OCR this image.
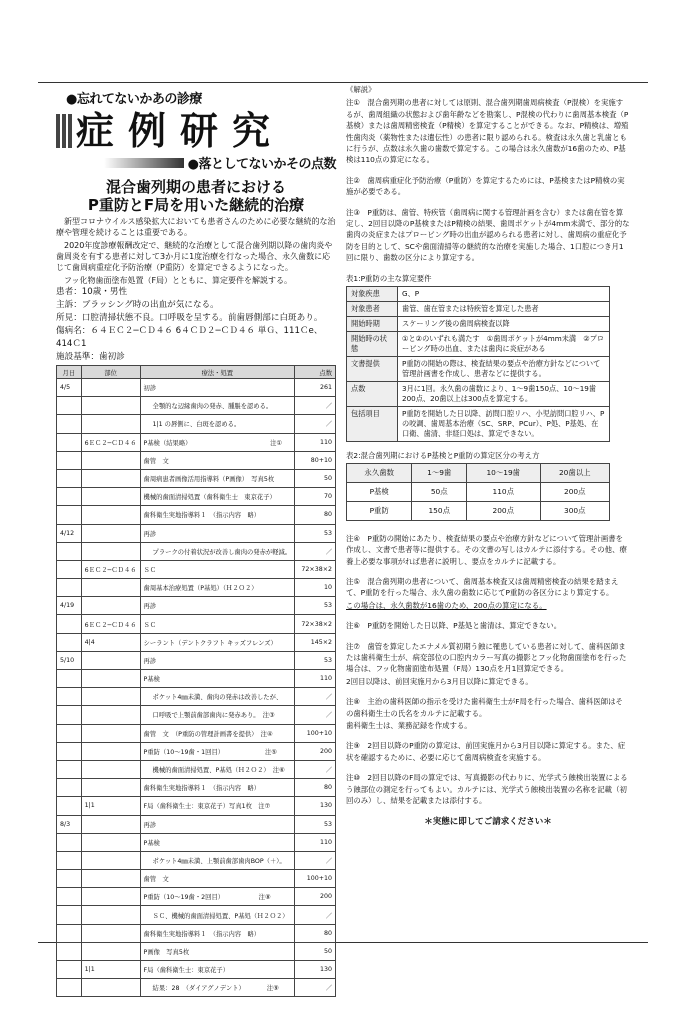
●忘れてないかあの診療
症例研究
●落としてないかその点数
混合歯列期の患者における
P重防とF局を用いた継続的治療

新型コロナウイルス感染拡大においても患者さんのために必要な継続的な治療や管理を続けることは重要である。

2020年度診療報酬改定で、継続的な治療として混合歯列期以降の歯肉炎や歯周炎を有する患者に対して3か月に1度治療を行なった場合、永久歯数に応じて歯周病重症化予防治療（P重防）を算定できるようになった。

フッ化物歯面塗布処置（F局）とともに、算定要件を解説する。

患者：10歳・男性

主訴：ブラッシング時の出血が気になる。

所見：口腔清掃状態不良。口呼吸を呈する。前歯唇側部に白斑あり。

傷病名：６４ＥＣ２─ＣＤ４６ 6４ＣＤ２─ＣＤ４６ 単Ｇ、111Ｃe、414Ｃ1

施設基準：歯初診

月日	部位	療法・処置	点数
4/5		初診	261
		全顎的な辺縁歯肉の発赤、腫脹を認める。	／
		1|1 の唇側に、白斑を認める。	／
	6ＥＣ２─ＣＤ４６	P基検（結果略）　　　　　　　　　　　　　注①	110
		歯管　文	80+10
		歯周病患者画像活用指導料（P画像）　写真5枚	50
		機械的歯面清掃処置（歯科衛生士　東京花子）	70
		歯科衛生実地指導料１　（指示内容　略）	80
4/12		再診	53
		プラークの付着状況が改善し歯肉の発赤が軽減。	／
	6ＥＣ２─ＣＤ４６	ＳＣ	72×38×2
		歯周基本治療処置（P基処）（Ｈ２Ｏ２）	10
4/19		再診	53
	6ＥＣ２─ＣＤ４６	ＳＣ	72×38×2
	4|4	シーラント（デントクラフト キッズフレンズ）	145×2
5/10		再診	53
		P基検	110
		ポケット4㎜未満、歯肉の発赤は改善したが、	／
		口呼吸で上顎前歯部歯肉に発赤あり。　注③	／
		歯管　文　（P重防の管理計画書を提供）　注④	100+10
		P重防（10～19歯・1回目）　　　　　　　注⑤	200
		機械的歯面清掃処置、P基処（Ｈ２Ｏ２）　注⑥	／
		歯科衛生実地指導料１　（指示内容　略）	80
	1|1	F局（歯科衛生士：東京花子）写真1枚　注⑦	130
8/3		再診	53
		P基検	110
		ポケット4㎜未満、上顎前歯部歯肉BOP（＋）。	／
		歯管　文	100+10
		P重防（10～19歯・2回目）　　　　　　注⑧	200
		ＳＣ、機械的歯面清掃処置、P基処（Ｈ２Ｏ２）	／
		歯科衛生実地指導料１　（指示内容　略）	80
		P画像　写真5枚	50
	1|1	F局（歯科衛生士：東京花子）	130
		結果：28　（ダイアグノデント）　　　　注⑨	／

《解説》

注①　混合歯列期の患者に対しては原則、混合歯列期歯周病検査（P混検）を実施するが、歯周組織の状態および歯年齢などを勘案し、P混検の代わりに歯周基本検査（P基検）または歯周精密検査（P精検）を算定することができる。なお、P精検は、増殖性歯肉炎（薬物性または遺伝性）の患者に限り認められる。検査は永久歯と乳歯ともに行うが、点数は永久歯の歯数で算定する。この場合は永久歯数が16歯のため、P基検は110点の算定になる。

注②　歯周病重症化予防治療（P重防）を算定するためには、P基検またはP精検の実施が必要である。

注③　P重防は、歯管、特疾管（歯周病に関する管理計画を含む）または歯在管を算定し、2回目以降のP基検またはP精検の結果、歯周ポケットが4mm未満で、部分的な歯肉の炎症またはプロービング時の出血が認められる患者に対し、歯周病の重症化予防を目的として、SCや歯面清掃等の継続的な治療を実施した場合、1口腔につき月1回に限り、歯数の区分により算定する。

表1:P重防の主な算定要件
対象疾患	G、P
対象患者	歯管、歯在管または特疾管を算定した患者
開始時期	スケーリング後の歯周病検査以降
開始時の状態	①と②のいずれも満たす　①歯周ポケットが4mm未満　②プロービング時の出血、または歯肉に炎症がある
文書提供	P重防の開始の際は、検査結果の要点や治療方針などについて管理計画書を作成し、患者などに提供する。
点数	3月に1回。永久歯の歯数により、1～9歯150点、10～19歯200点、20歯以上は300点を算定する。
包括項目	P重防を開始した日以降、訪問口腔リハ、小児訪問口腔リハ、Pの咬調、歯周基本治療（SC、SRP、PCur）、P処、P基処、在口衛、歯清、非経口処は、算定できない。
表2:混合歯列期におけるP基検とP重防の算定区分の考え方
永久歯数	1～9歯	10～19歯	20歯以上
P基検	50点	110点	200点
P重防	150点	200点	300点

注④　P重防の開始にあたり、検査結果の要点や治療方針などについて管理計画書を作成し、文書で患者等に提供する。その文書の写しはカルテに添付する。その他、療養上必要な事項がれば患者に説明し、要点をカルテに記載する。

注⑤　混合歯列期の患者について、歯周基本検査又は歯周精密検査の結果を踏まえて、P重防を行った場合、永久歯の歯数に応じてP重防の各区分により算定する。

この場合は、永久歯数が16歯のため、200点の算定になる。

注⑥　P重防を開始した日以降、P基処と歯清は、算定できない。

注⑦　歯管を算定したエナメル質初期う蝕に罹患している患者に対して、歯科医師または歯科衛生士が、病変部位の口腔内カラー写真の撮影とフッ化物歯面塗布を行った場合は、フッ化物歯面塗布処置（F局）130点を月1回算定できる。

2回目以降は、前回実施月から3月目以降に算定できる。

注⑧　主治の歯科医師の指示を受けた歯科衛生士がF局を行った場合、歯科医師はその歯科衛生士の氏名をカルテに記載する。

歯科衛生士は、業務記録を作成する。

注⑨　2回目以降のP重防の算定は、前回実施月から3月目以降に算定する。また、症状を確認するために、必要に応じて歯周病検査を実施する。

注⑩　2回目以降のF局の算定では、写真撮影の代わりに、光学式う蝕検出装置によるう蝕部位の測定を行ってもよい。カルテには、光学式う蝕検出装置の名称を記載（初回のみ）し、結果を記載または添付する。

＊実態に即してご請求ください＊
